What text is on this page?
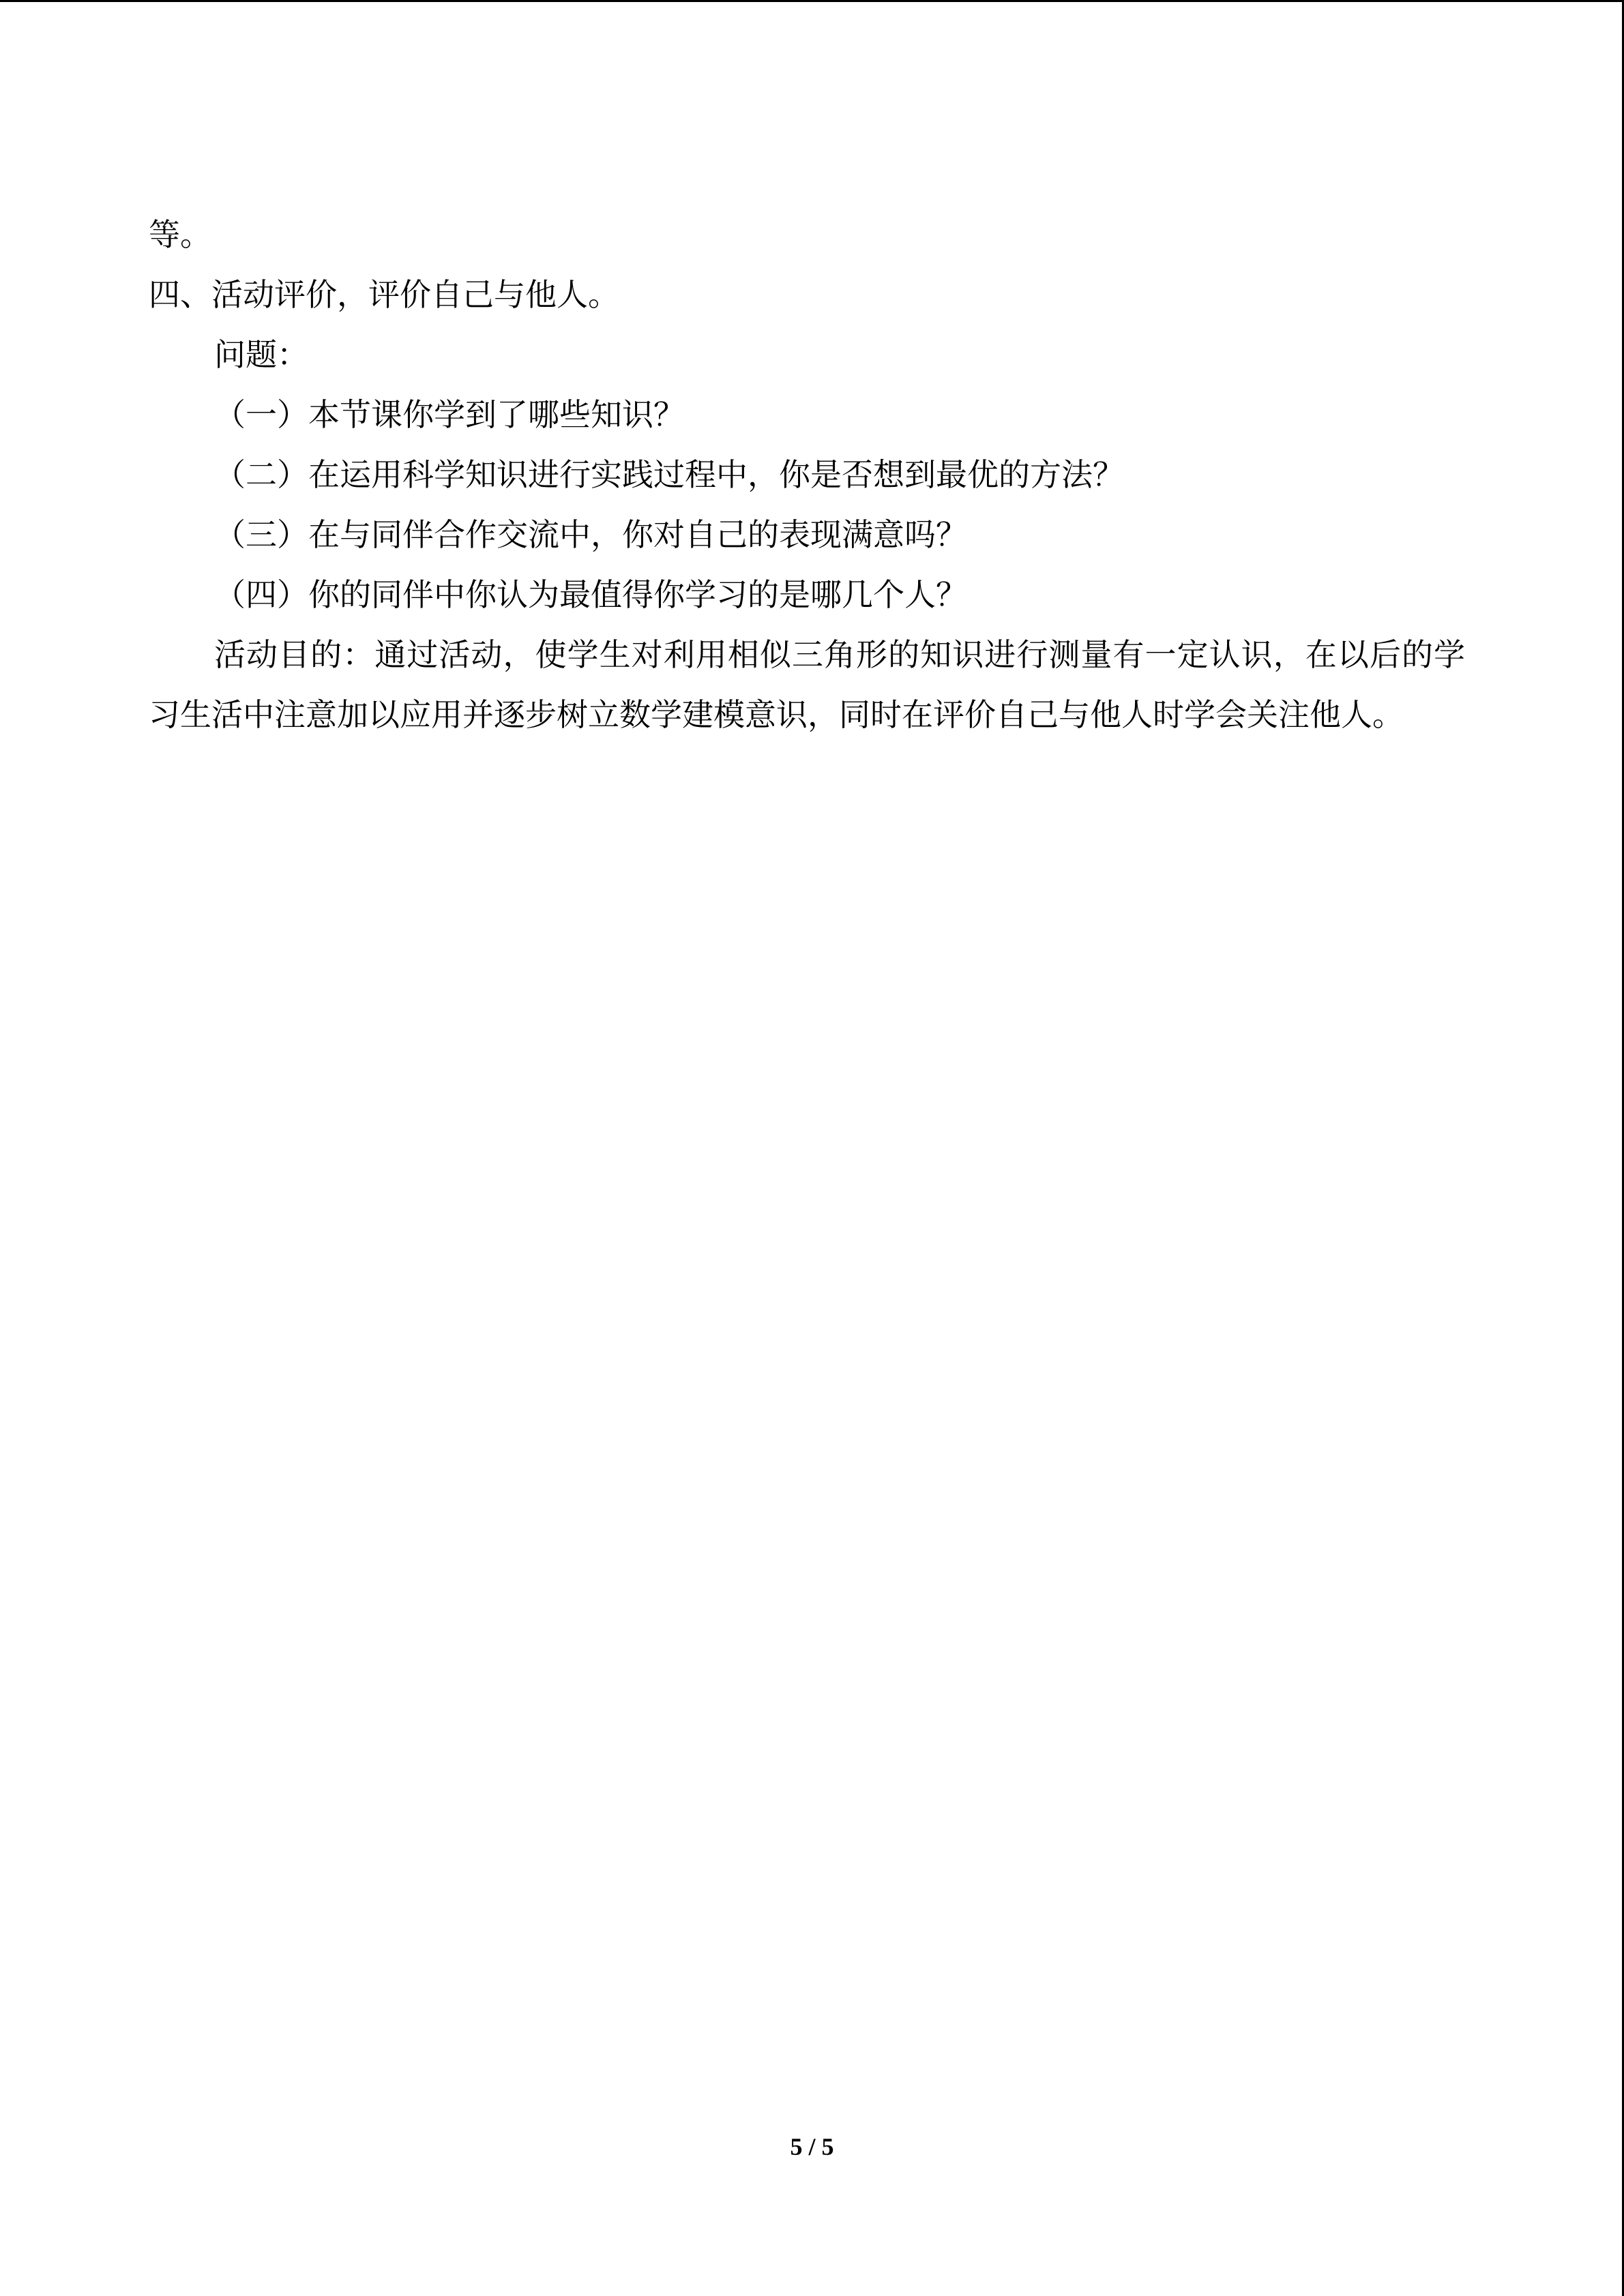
等。

四、活动评价，评价自己与他人。

问题：

（一）本节课你学到了哪些知识？

（二）在运用科学知识进行实践过程中，你是否想到最优的方法？

（三）在与同伴合作交流中，你对自己的表现满意吗？

（四）你的同伴中你认为最值得你学习的是哪几个人？

活动目的：通过活动，使学生对利用相似三角形的知识进行测量有一定认识，在以后的学习生活中注意加以应用并逐步树立数学建模意识，同时在评价自己与他人时学会关注他人。

5 / 5
